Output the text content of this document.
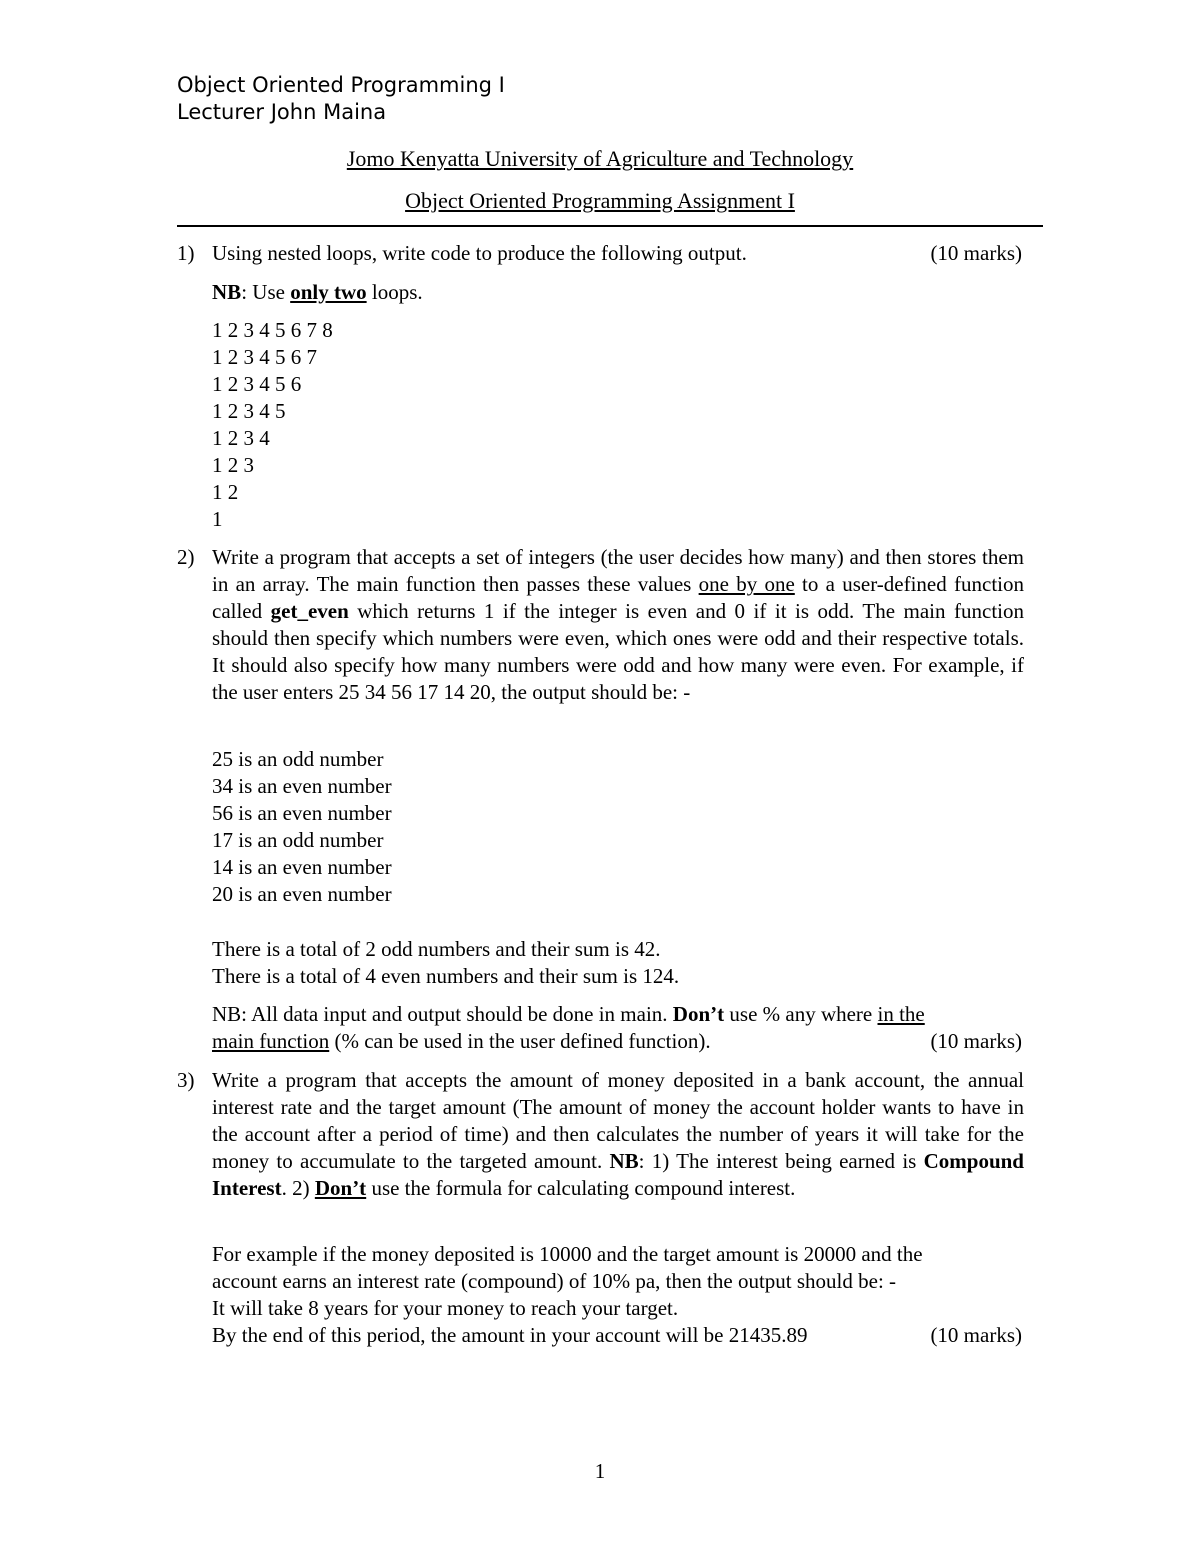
Object Oriented Programming I
Lecturer John Maina
Jomo Kenyatta University of Agriculture and Technology
Object Oriented Programming Assignment I
1) Using nested loops, write code to produce the following output.	(10 marks)
NB: Use only two loops.
1 2 3 4 5 6 7 8
1 2 3 4 5 6 7
1 2 3 4 5 6
1 2 3 4 5
1 2 3 4
1 2 3
1 2
1
2) Write a program that accepts a set of integers (the user decides how many) and then stores them in an array. The main function then passes these values one by one to a user-defined function called get_even which returns 1 if the integer is even and 0 if it is odd. The main function should then specify which numbers were even, which ones were odd and their respective totals. It should also specify how many numbers were odd and how many were even. For example, if the user enters 25 34 56 17 14 20, the output should be: -
25 is an odd number
34 is an even number
56 is an even number
17 is an odd number
14 is an even number
20 is an even number
There is a total of 2 odd numbers and their sum is 42.
There is a total of 4 even numbers and their sum is 124.
NB: All data input and output should be done in main. Don’t use % any where in the
main function (% can be used in the user defined function).	(10 marks)
3) Write a program that accepts the amount of money deposited in a bank account, the annual interest rate and the target amount (The amount of money the account holder wants to have in the account after a period of time) and then calculates the number of years it will take for the money to accumulate to the targeted amount. NB: 1) The interest being earned is Compound Interest. 2) Don’t use the formula for calculating compound interest.
For example if the money deposited is 10000 and the target amount is 20000 and the
account earns an interest rate (compound) of 10% pa, then the output should be: -
It will take 8 years for your money to reach your target.
By the end of this period, the amount in your account will be 21435.89	(10 marks)
1
